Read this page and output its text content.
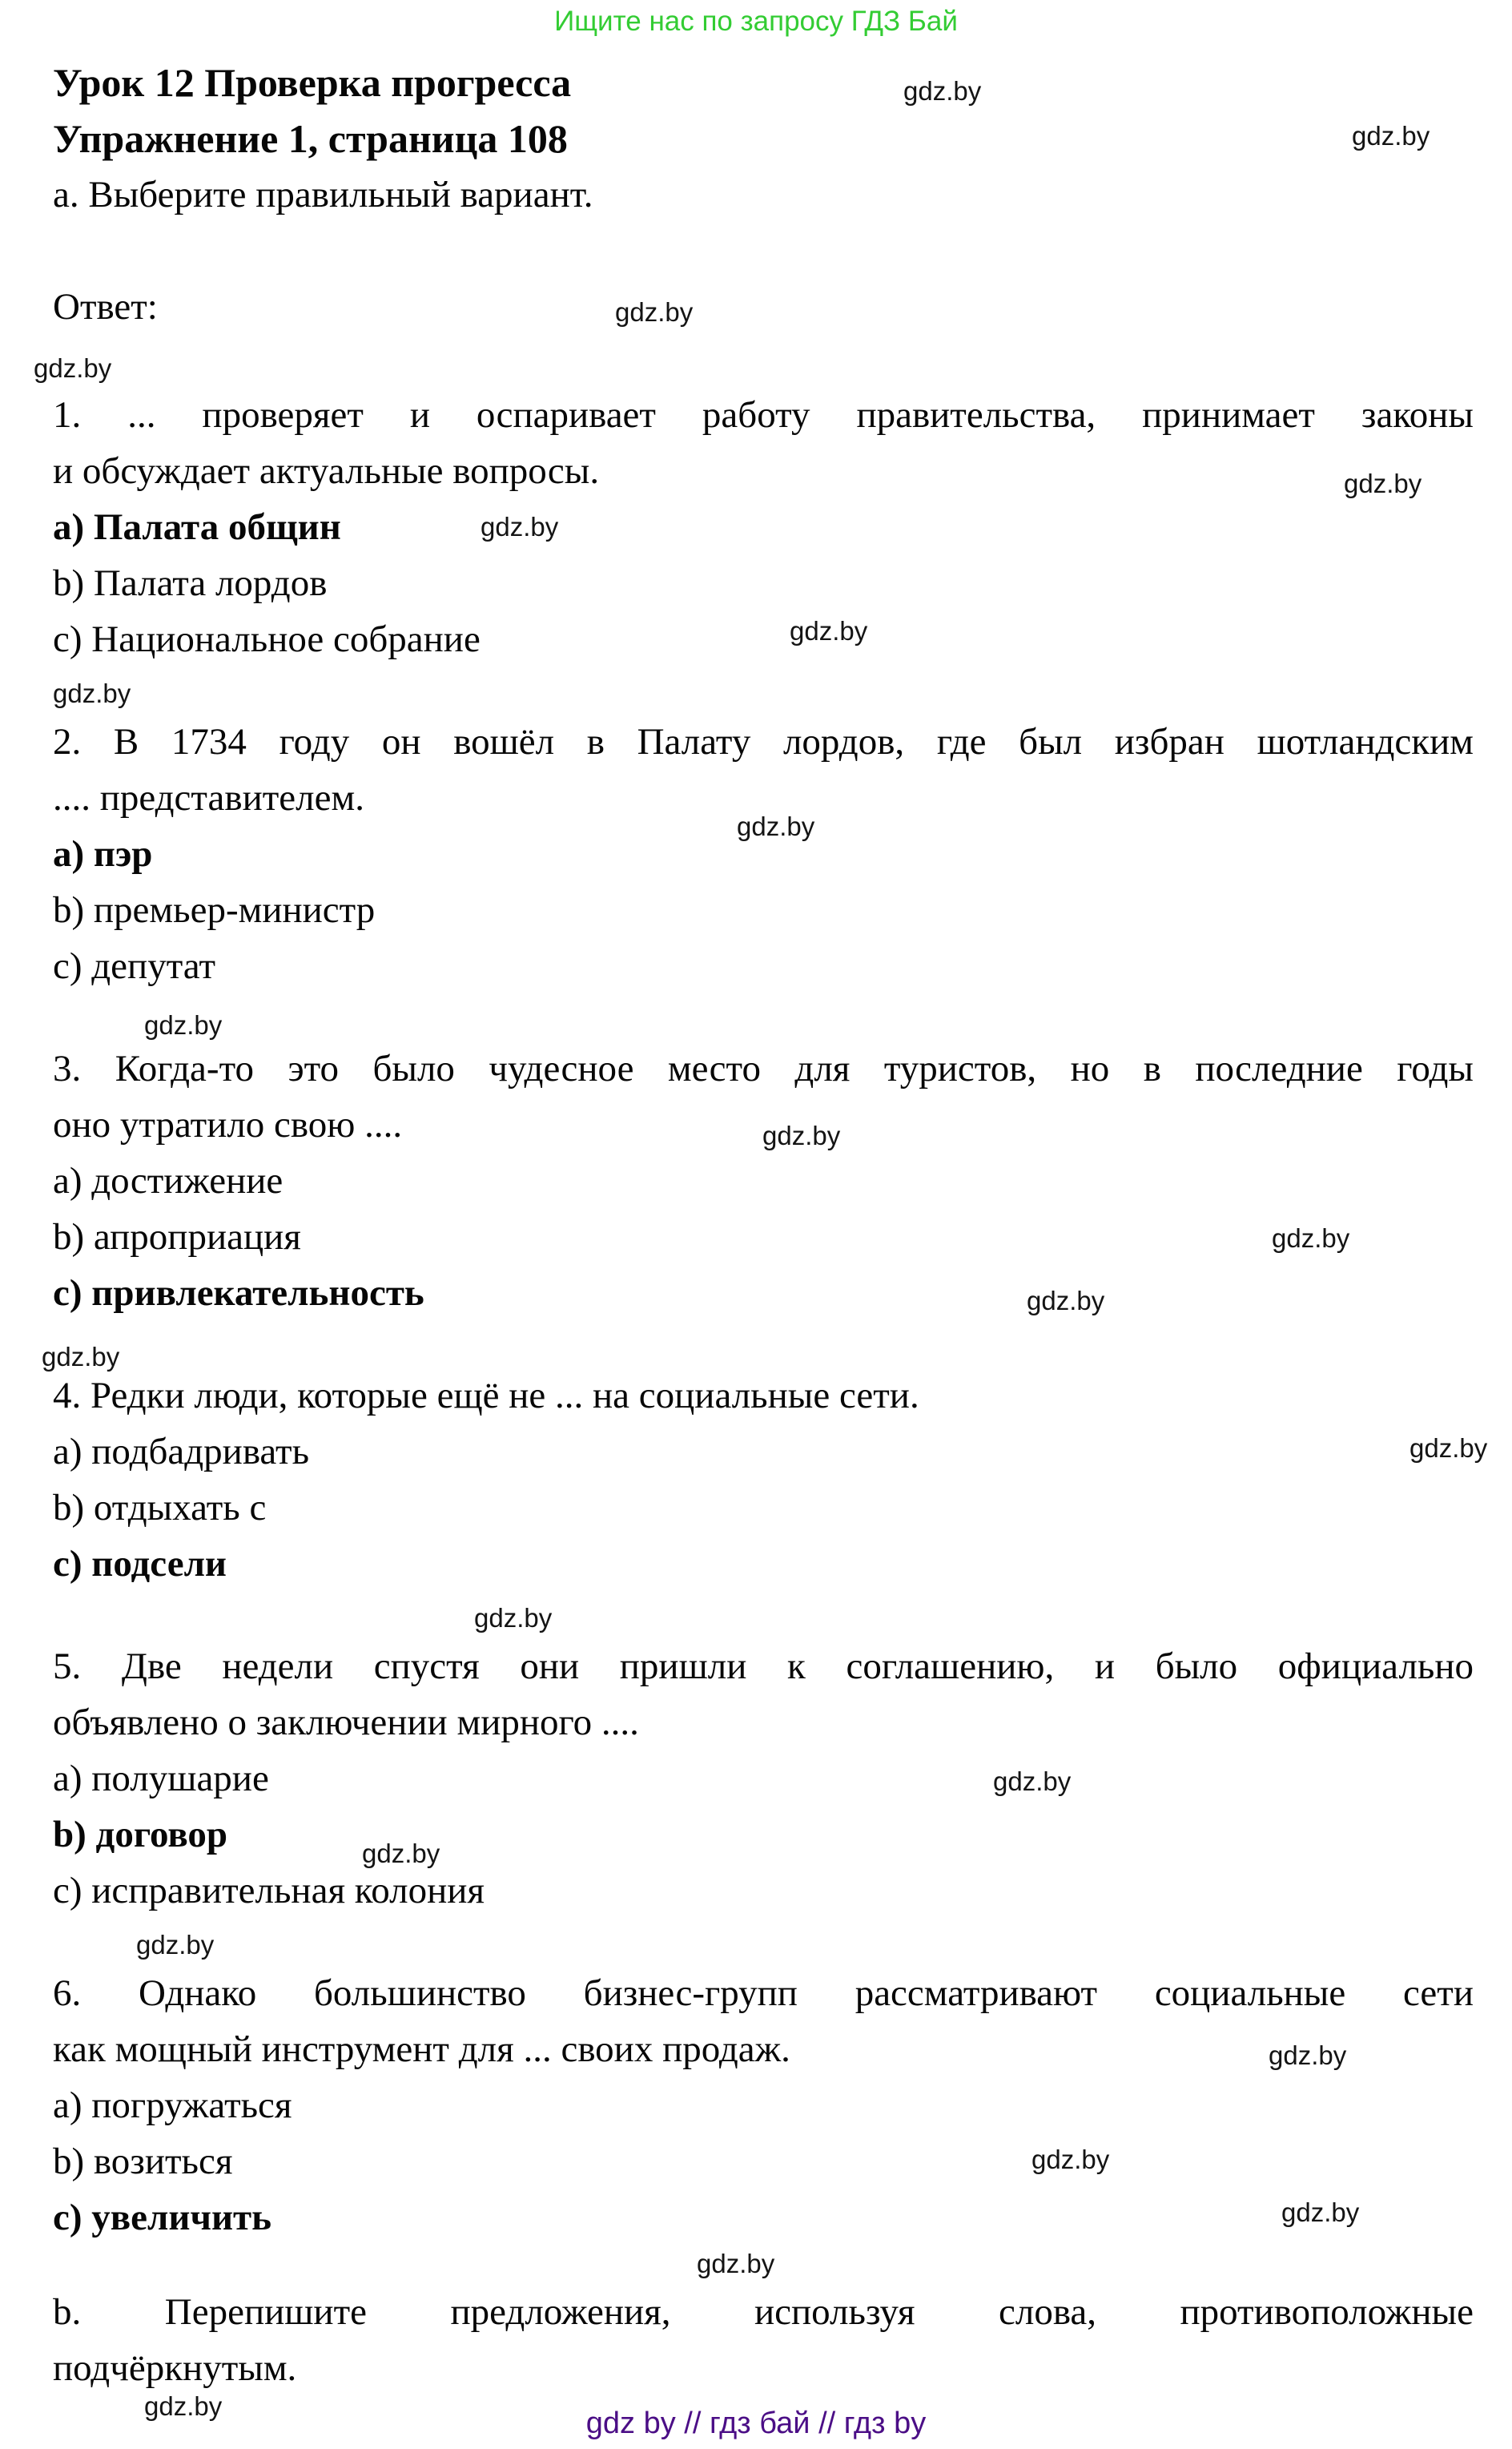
Ищите нас по запросу ГДЗ Бай
Урок 12 Проверка прогресса
Упражнение 1, страница 108
а. Выберите правильный вариант.
Ответ:
1. ... проверяет и оспаривает работу правительства, принимает законы
и обсуждает актуальные вопросы.
a) Палата общин
b) Палата лордов
c) Национальное собрание
2. В 1734 году он вошёл в Палату лордов, где был избран шотландским
.... представителем.
a) пэр
b) премьер-министр
c) депутат
3. Когда-то это было чудесное место для туристов, но в последние годы
оно утратило свою ....
a) достижение
b) апроприация
c) привлекательность
4. Редки люди, которые ещё не ... на социальные сети.
a) подбадривать
b) отдыхать с
c) подсели
5. Две недели спустя они пришли к соглашению, и было официально
объявлено о заключении мирного ....
a) полушарие
b) договор
c) исправительная колония
6. Однако большинство бизнес-групп рассматривают социальные сети
как мощный инструмент для ... своих продаж.
a) погружаться
b) возиться
c) увеличить
b. Перепишите предложения, используя слова, противоположные
подчёркнутым.
gdz.by
gdz.by
gdz.by
gdz.by
gdz.by
gdz.by
gdz.by
gdz.by
gdz.by
gdz.by
gdz.by
gdz.by
gdz.by
gdz.by
gdz.by
gdz.by
gdz.by
gdz.by
gdz.by
gdz.by
gdz.by
gdz.by
gdz.by
gdz.by
gdz by // гдз бай // гдз by
